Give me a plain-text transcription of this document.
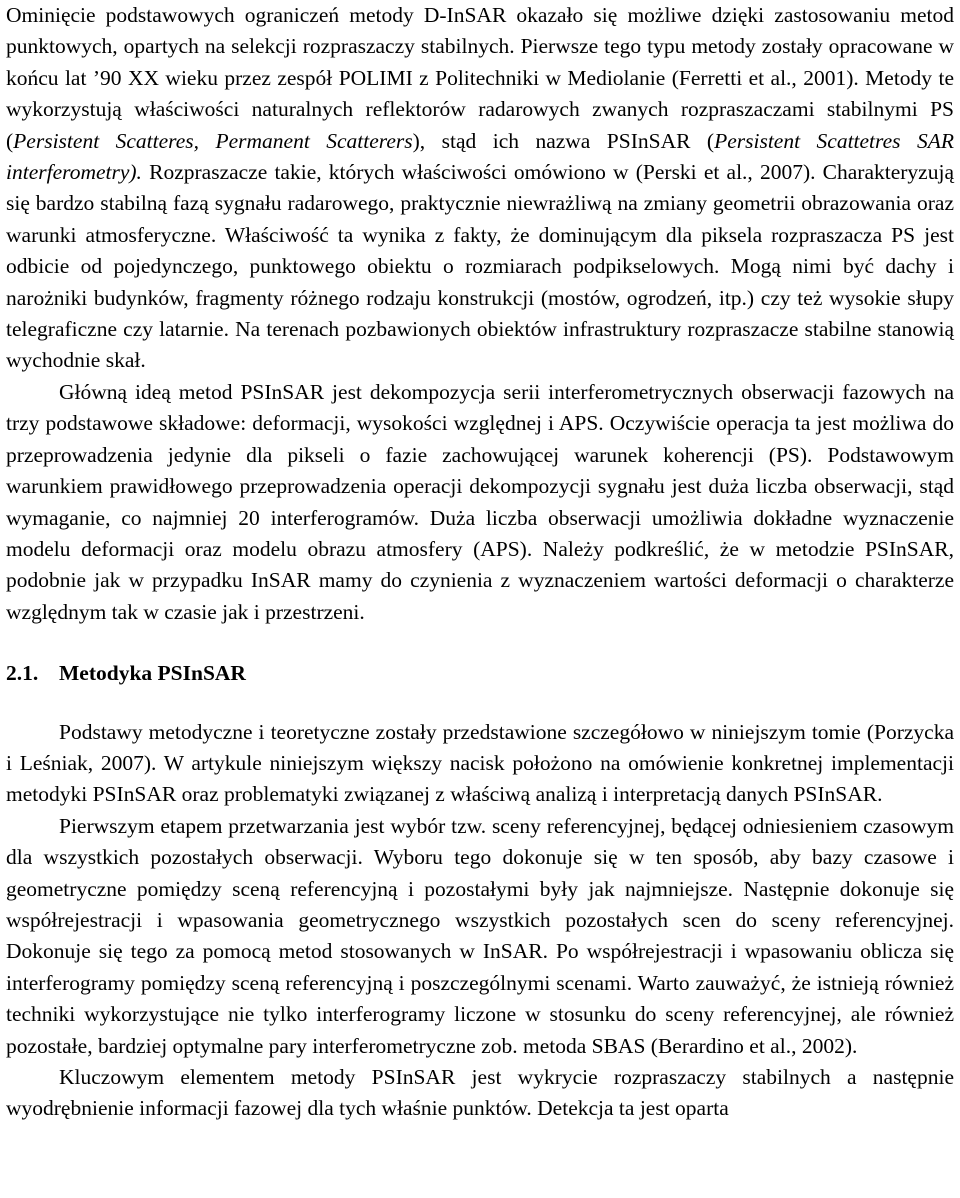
Ominięcie podstawowych ograniczeń metody D-InSAR okazało się możliwe dzięki zastosowaniu metod punktowych, opartych na selekcji rozpraszaczy stabilnych. Pierwsze tego typu metody zostały opracowane w końcu lat ’90 XX wieku przez zespół POLIMI z Politechniki w Mediolanie (Ferretti et al., 2001). Metody te wykorzystują właściwości naturalnych reflektorów radarowych zwanych rozpraszaczami stabilnymi PS (Persistent Scatteres, Permanent Scatterers), stąd ich nazwa PSInSAR (Persistent Scattetres SAR interferometry). Rozpraszacze takie, których właściwości omówiono w (Perski et al., 2007). Charakteryzują się bardzo stabilną fazą sygnału radarowego, praktycznie niewrażliwą na zmiany geometrii obrazowania oraz warunki atmosferyczne. Właściwość ta wynika z fakty, że dominującym dla piksela rozpraszacza PS jest odbicie od pojedynczego, punktowego obiektu o rozmiarach podpikselowych. Mogą nimi być dachy i narożniki budynków, fragmenty różnego rodzaju konstrukcji (mostów, ogrodzeń, itp.) czy też wysokie słupy telegraficzne czy latarnie. Na terenach pozbawionych obiektów infrastruktury rozpraszacze stabilne stanowią wychodnie skał.

Główną ideą metod PSInSAR jest dekompozycja serii interferometrycznych obserwacji fazowych na trzy podstawowe składowe: deformacji, wysokości względnej i APS. Oczywiście operacja ta jest możliwa do przeprowadzenia jedynie dla pikseli o fazie zachowującej warunek koherencji (PS). Podstawowym warunkiem prawidłowego przeprowadzenia operacji dekompozycji sygnału jest duża liczba obserwacji, stąd wymaganie, co najmniej 20 interferogramów. Duża liczba obserwacji umożliwia dokładne wyznaczenie modelu deformacji oraz modelu obrazu atmosfery (APS). Należy podkreślić, że w metodzie PSInSAR, podobnie jak w przypadku InSAR mamy do czynienia z wyznaczeniem wartości deformacji o charakterze względnym tak w czasie jak i przestrzeni.

2.1. Metodyka PSInSAR

Podstawy metodyczne i teoretyczne zostały przedstawione szczegółowo w niniejszym tomie (Porzycka i Leśniak, 2007). W artykule niniejszym większy nacisk położono na omówienie konkretnej implementacji metodyki PSInSAR oraz problematyki związanej z właściwą analizą i interpretacją danych PSInSAR.

Pierwszym etapem przetwarzania jest wybór tzw. sceny referencyjnej, będącej odniesieniem czasowym dla wszystkich pozostałych obserwacji. Wyboru tego dokonuje się w ten sposób, aby bazy czasowe i geometryczne pomiędzy sceną referencyjną i pozostałymi były jak najmniejsze. Następnie dokonuje się współrejestracji i wpasowania geometrycznego wszystkich pozostałych scen do sceny referencyjnej. Dokonuje się tego za pomocą metod stosowanych w InSAR. Po współrejestracji i wpasowaniu oblicza się interferogramy pomiędzy sceną referencyjną i poszczególnymi scenami. Warto zauważyć, że istnieją również techniki wykorzystujące nie tylko interferogramy liczone w stosunku do sceny referencyjnej, ale również pozostałe, bardziej optymalne pary interferometryczne zob. metoda SBAS (Berardino et al., 2002).

Kluczowym elementem metody PSInSAR jest wykrycie rozpraszaczy stabilnych a następnie wyodrębnienie informacji fazowej dla tych właśnie punktów. Detekcja ta jest oparta
